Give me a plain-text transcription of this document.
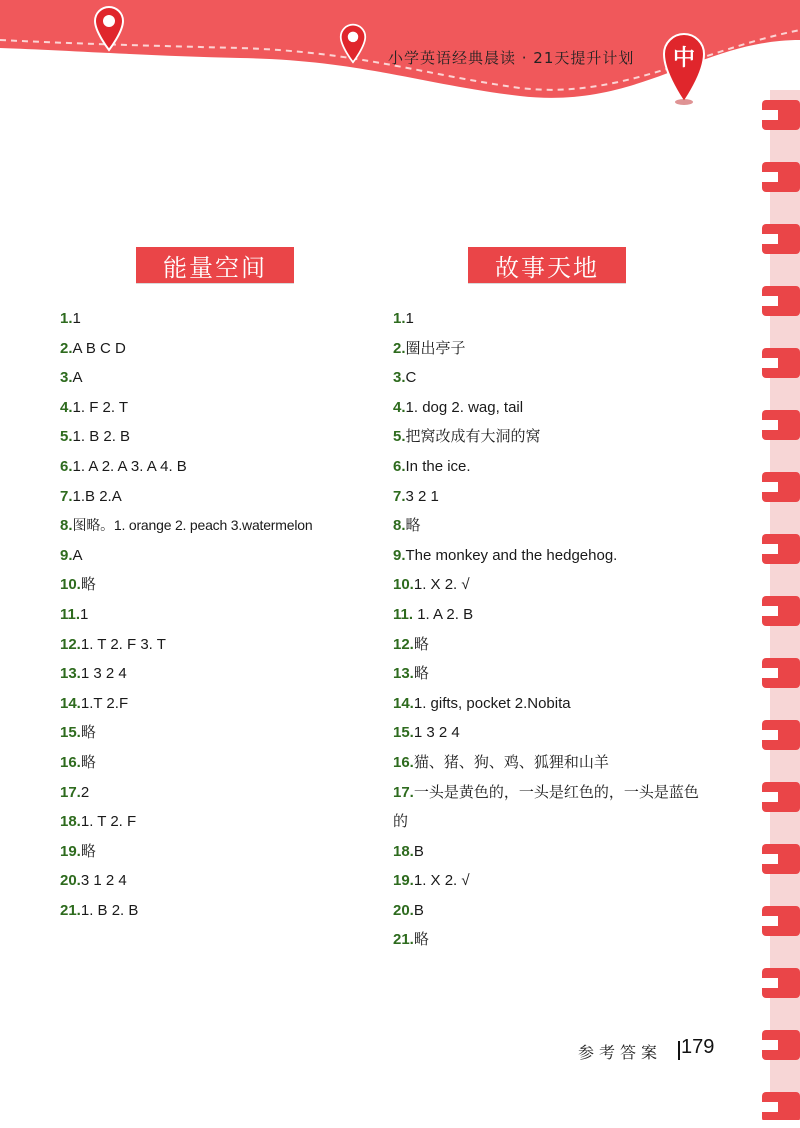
中
小学英语经典晨读 · 21天提升计划
能量空间	故事天地
1.1
2.A B C D
3.A
4.1. F 2. T
5.1. B 2. B
6.1. A 2. A 3. A 4. B
7.1.B 2.A
8.图略。1. orange 2. peach 3.watermelon
9.A
10.略
11.1
12.1. T 2. F 3. T
13.1 3 2 4
14.1.T 2.F
15.略
16.略
17.2
18.1. T 2. F
19.略
20.3 1 2 4
21.1. B 2. B
1.1
2.圈出亭子
3.C
4.1. dog 2. wag, tail
5.把窝改成有大洞的窝
6.In the ice.
7.3 2 1
8.略
9.The monkey and the hedgehog.
10.1. X 2. √
11. 1. A 2. B
12.略
13.略
14.1. gifts, pocket 2.Nobita
15.1 3 2 4
16.猫、猪、狗、鸡、狐狸和山羊
17.一头是黄色的，一头是红色的，一头是蓝色的
18.B
19.1. X 2. √
20.B
21.略
参考答案 179
